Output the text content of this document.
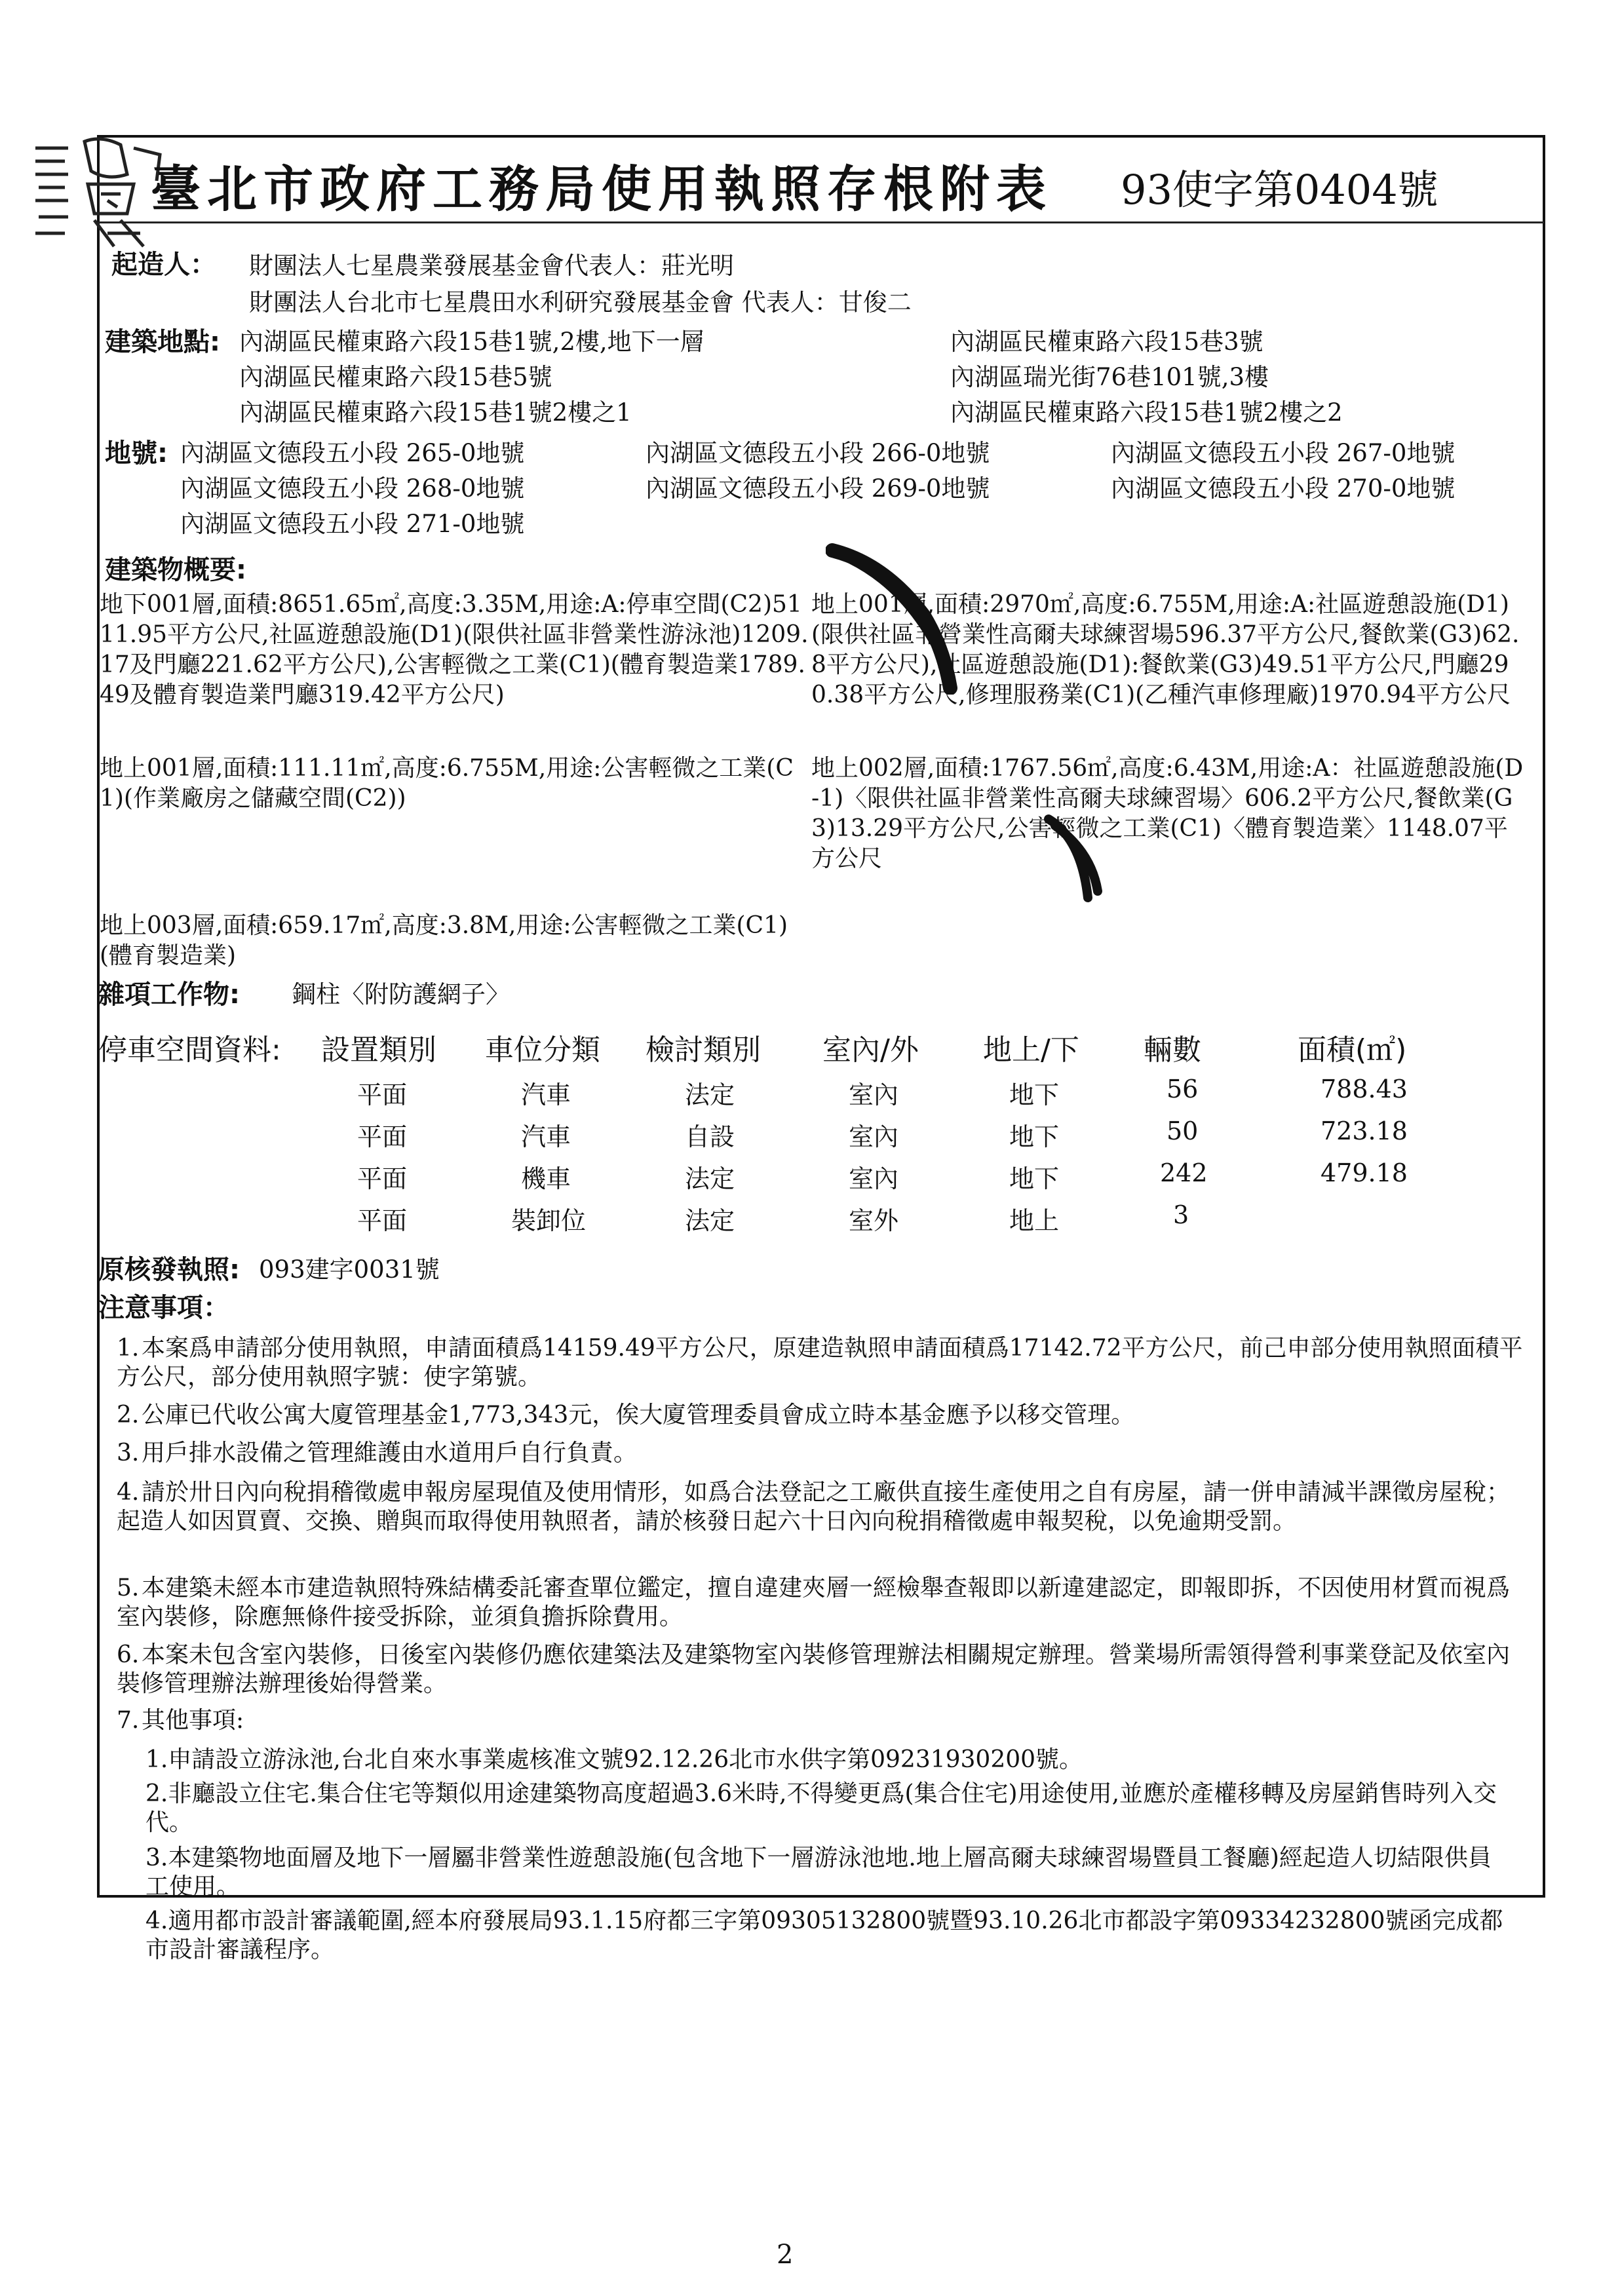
臺北市政府工務局使用執照存根附表 93使字第0404號
起造人： 財團法人七星農業發展基金會代表人：莊光明
財團法人台北市七星農田水利研究發展基金會 代表人：甘俊二
建築地點: 內湖區民權東路六段15巷1號,2樓,地下一層
內湖區民權東路六段15巷5號
內湖區民權東路六段15巷1號2樓之1
內湖區民權東路六段15巷3號
內湖區瑞光街76巷101號,3樓
內湖區民權東路六段15巷1號2樓之2
地號: 內湖區文德段五小段 265-0地號	內湖區文德段五小段 266-0地號	內湖區文德段五小段 267-0地號
內湖區文德段五小段 268-0地號	內湖區文德段五小段 269-0地號	內湖區文德段五小段 270-0地號
內湖區文德段五小段 271-0地號
建築物概要:
地下001層,面積:8651.65㎡,高度:3.35M,用途:A:停車空間(C2)5111.95平方公尺,社區遊憩設施(D1)(限供社區非營業性游泳池)1209.17及門廳221.62平方公尺),公害輕微之工業(C1)(體育製造業1789.49及體育製造業門廳319.42平方公尺)
地上001層,面積:2970㎡,高度:6.755M,用途:A:社區遊憩設施(D1)(限供社區非營業性高爾夫球練習場596.37平方公尺,餐飲業(G3)62.8平方公尺),社區遊憩設施(D1):餐飲業(G3)49.51平方公尺,門廳290.38平方公尺,修理服務業(C1)(乙種汽車修理廠)1970.94平方公尺
地上001層,面積:111.11㎡,高度:6.755M,用途:公害輕微之工業(C1)(作業廠房之儲藏空間(C2))
地上002層,面積:1767.56㎡,高度:6.43M,用途:A：社區遊憩設施(D-1)〈限供社區非營業性高爾夫球練習場〉606.2平方公尺,餐飲業(G3)13.29平方公尺,公害輕微之工業(C1)〈體育製造業〉1148.07平方公尺
地上003層,面積:659.17㎡,高度:3.8M,用途:公害輕微之工業(C1)(體育製造業)
雜項工作物: 鋼柱〈附防護網子〉
停車空間資料: 設置類別 車位分類 檢討類別 室內/外 地上/下 輛數	面積(㎡)
平面	汽車	法定	室內	地下	56	788.43
平面	汽車	自設	室內	地下	50	723.18
平面	機車	法定	室內	地下	242	479.18
平面	裝卸位	法定	室外	地上	3
原核發執照: 093建字0031號
注意事項：
1. 本案爲申請部分使用執照，申請面積爲14159.49平方公尺，原建造執照申請面積爲17142.72平方公尺，前己申部分使用執照面積平方公尺，部分使用執照字號：使字第號。
2. 公庫已代收公寓大廈管理基金1,773,343元，俟大廈管理委員會成立時本基金應予以移交管理。
3. 用戶排水設備之管理維護由水道用戶自行負責。
4. 請於卅日內向稅捐稽徵處申報房屋現值及使用情形，如爲合法登記之工廠供直接生產使用之自有房屋，請一併申請減半課徵房屋稅；起造人如因買賣、交換、贈與而取得使用執照者，請於核發日起六十日內向稅捐稽徵處申報契稅，以免逾期受罰。
5. 本建築未經本市建造執照特殊結構委託審查單位鑑定，擅自違建夾層一經檢舉查報即以新違建認定，即報即拆，不因使用材質而視爲室內裝修，除應無條件接受拆除，並須負擔拆除費用。
6. 本案未包含室內裝修，日後室內裝修仍應依建築法及建築物室內裝修管理辦法相關規定辦理。營業場所需領得營利事業登記及依室內裝修管理辦法辦理後始得營業。
7. 其他事項:
1.申請設立游泳池,台北自來水事業處核准文號92.12.26北市水供字第09231930200號。
2.非廳設立住宅.集合住宅等類似用途建築物高度超過3.6米時,不得變更爲(集合住宅)用途使用,並應於產權移轉及房屋銷售時列入交代。
3.本建築物地面層及地下一層屬非營業性遊憩設施(包含地下一層游泳池地.地上層高爾夫球練習場暨員工餐廳)經起造人切結限供員工使用。
4.適用都市設計審議範圍,經本府發展局93.1.15府都三字第09305132800號暨93.10.26北市都設字第09334232800號函完成都市設計審議程序。
2
